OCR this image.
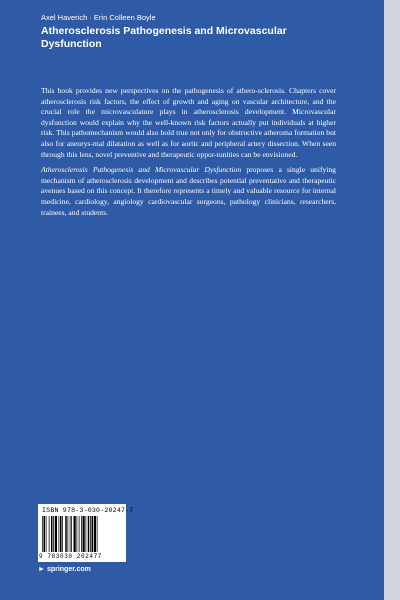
Axel Haverich · Erin Colleen Boyle
Atherosclerosis Pathogenesis and Microvascular Dysfunction

This book provides new perspectives on the pathogenesis of athero-sclerosis. Chapters cover atherosclerosis risk factors, the effect of growth and aging on vascular architecture, and the crucial role the microvasculature plays in atherosclerosis development. Microvascular dysfunction would explain why the well-known risk factors actually put individuals at higher risk. This pathomechanism would also hold true not only for obstructive atheroma formation but also for aneurys-mal dilatation as well as for aortic and peripheral artery dissection. When seen through this lens, novel preventive and therapeutic oppor-tunities can be envisioned.

Atherosclerosis Pathogenesis and Microvascular Dysfunction proposes a single unifying mechanism of atherosclerosis development and describes potential preventative and therapeutic avenues based on this concept. It therefore represents a timely and valuable resource for internal medicine, cardiology, angiology cardiovascular surgeons, pathology clinicians, researchers, trainees, and students.

ISBN 978-3-030-20247-7
9 783030 202477
► springer.com
